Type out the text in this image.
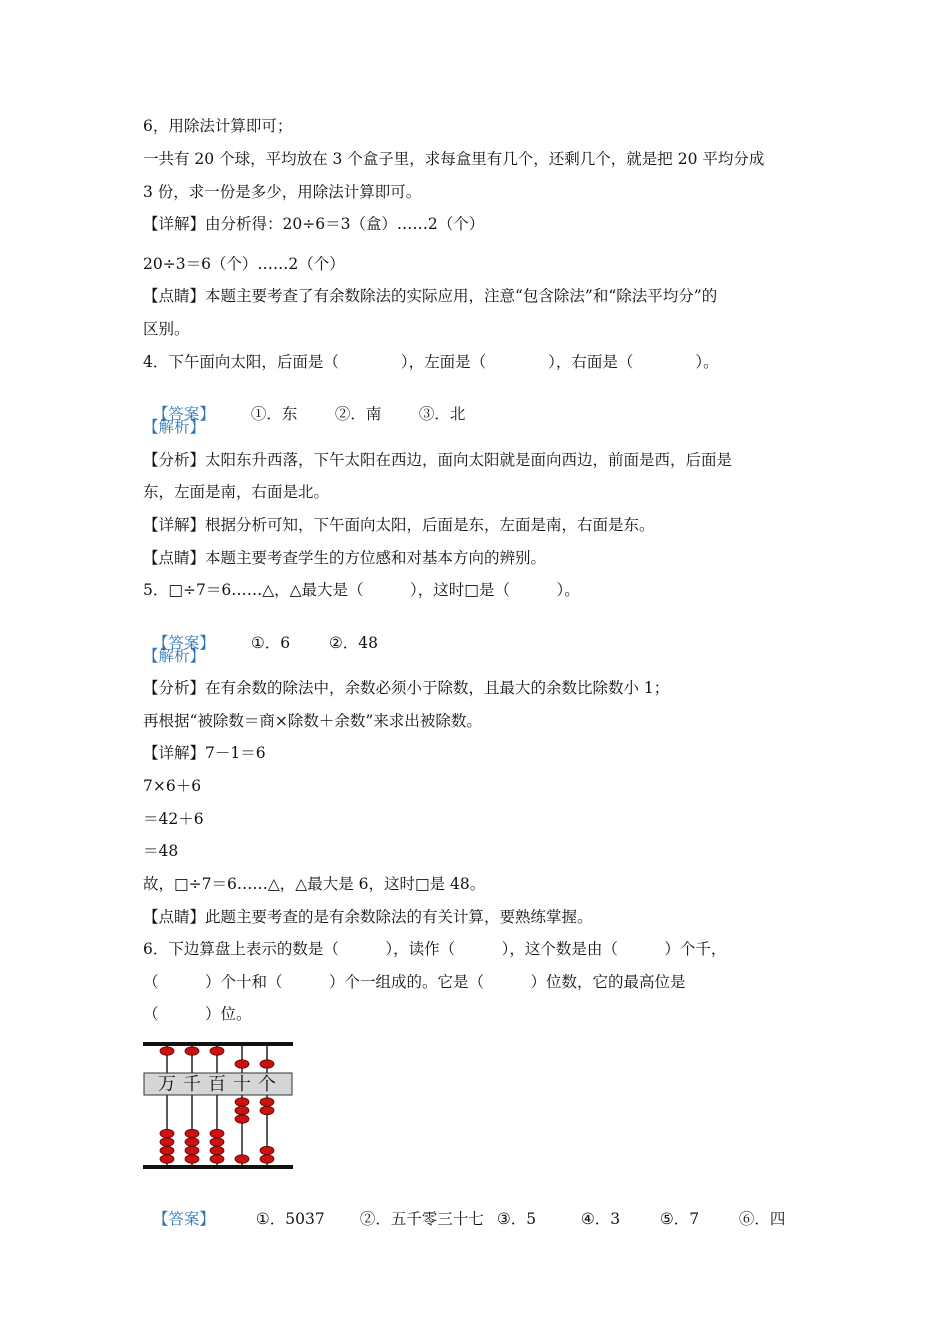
6，用除法计算即可；
一共有 20 个球，平均放在 3 个盒子里，求每盒里有几个，还剩几个，就是把 20 平均分成
3 份，求一份是多少，用除法计算即可。
【详解】由分析得：20÷6＝3（盒）……2（个）
20÷3＝6（个）……2（个）
【点睛】本题主要考查了有余数除法的实际应用，注意“包含除法”和“除法平均分”的
区别。
4．下午面向太阳，后面是（　　　　），左面是（　　　　），右面是（　　　　）。

【答案】 ①．东 ②．南 ③．北

【解析】
【分析】太阳东升西落，下午太阳在西边，面向太阳就是面向西边，前面是西，后面是
东，左面是南，右面是北。
【详解】根据分析可知，下午面向太阳，后面是东，左面是南，右面是东。
【点睛】本题主要考查学生的方位感和对基本方向的辨别。
5．□÷7＝6……△，△最大是（　　　），这时□是（　　　）。

【答案】 ①．6 ②．48

【解析】
【分析】在有余数的除法中，余数必须小于除数，且最大的余数比除数小 1；
再根据“被除数＝商×除数＋余数”来求出被除数。
【详解】7－1＝6
7×6＋6
＝42＋6
＝48
故，□÷7＝6……△，△最大是 6，这时□是 48。
【点睛】此题主要考查的是有余数除法的有关计算，要熟练掌握。
6．下边算盘上表示的数是（　　　），读作（　　　），这个数是由（　　　）个千，
（　　　）个十和（　　　）个一组成的。它是（　　　）位数，它的最高位是
（　　　）位。
万 千 百 十 个

【答案】	①．5037 ②．五千零三十七 ③．5	④．3	⑤．7	⑥．四
